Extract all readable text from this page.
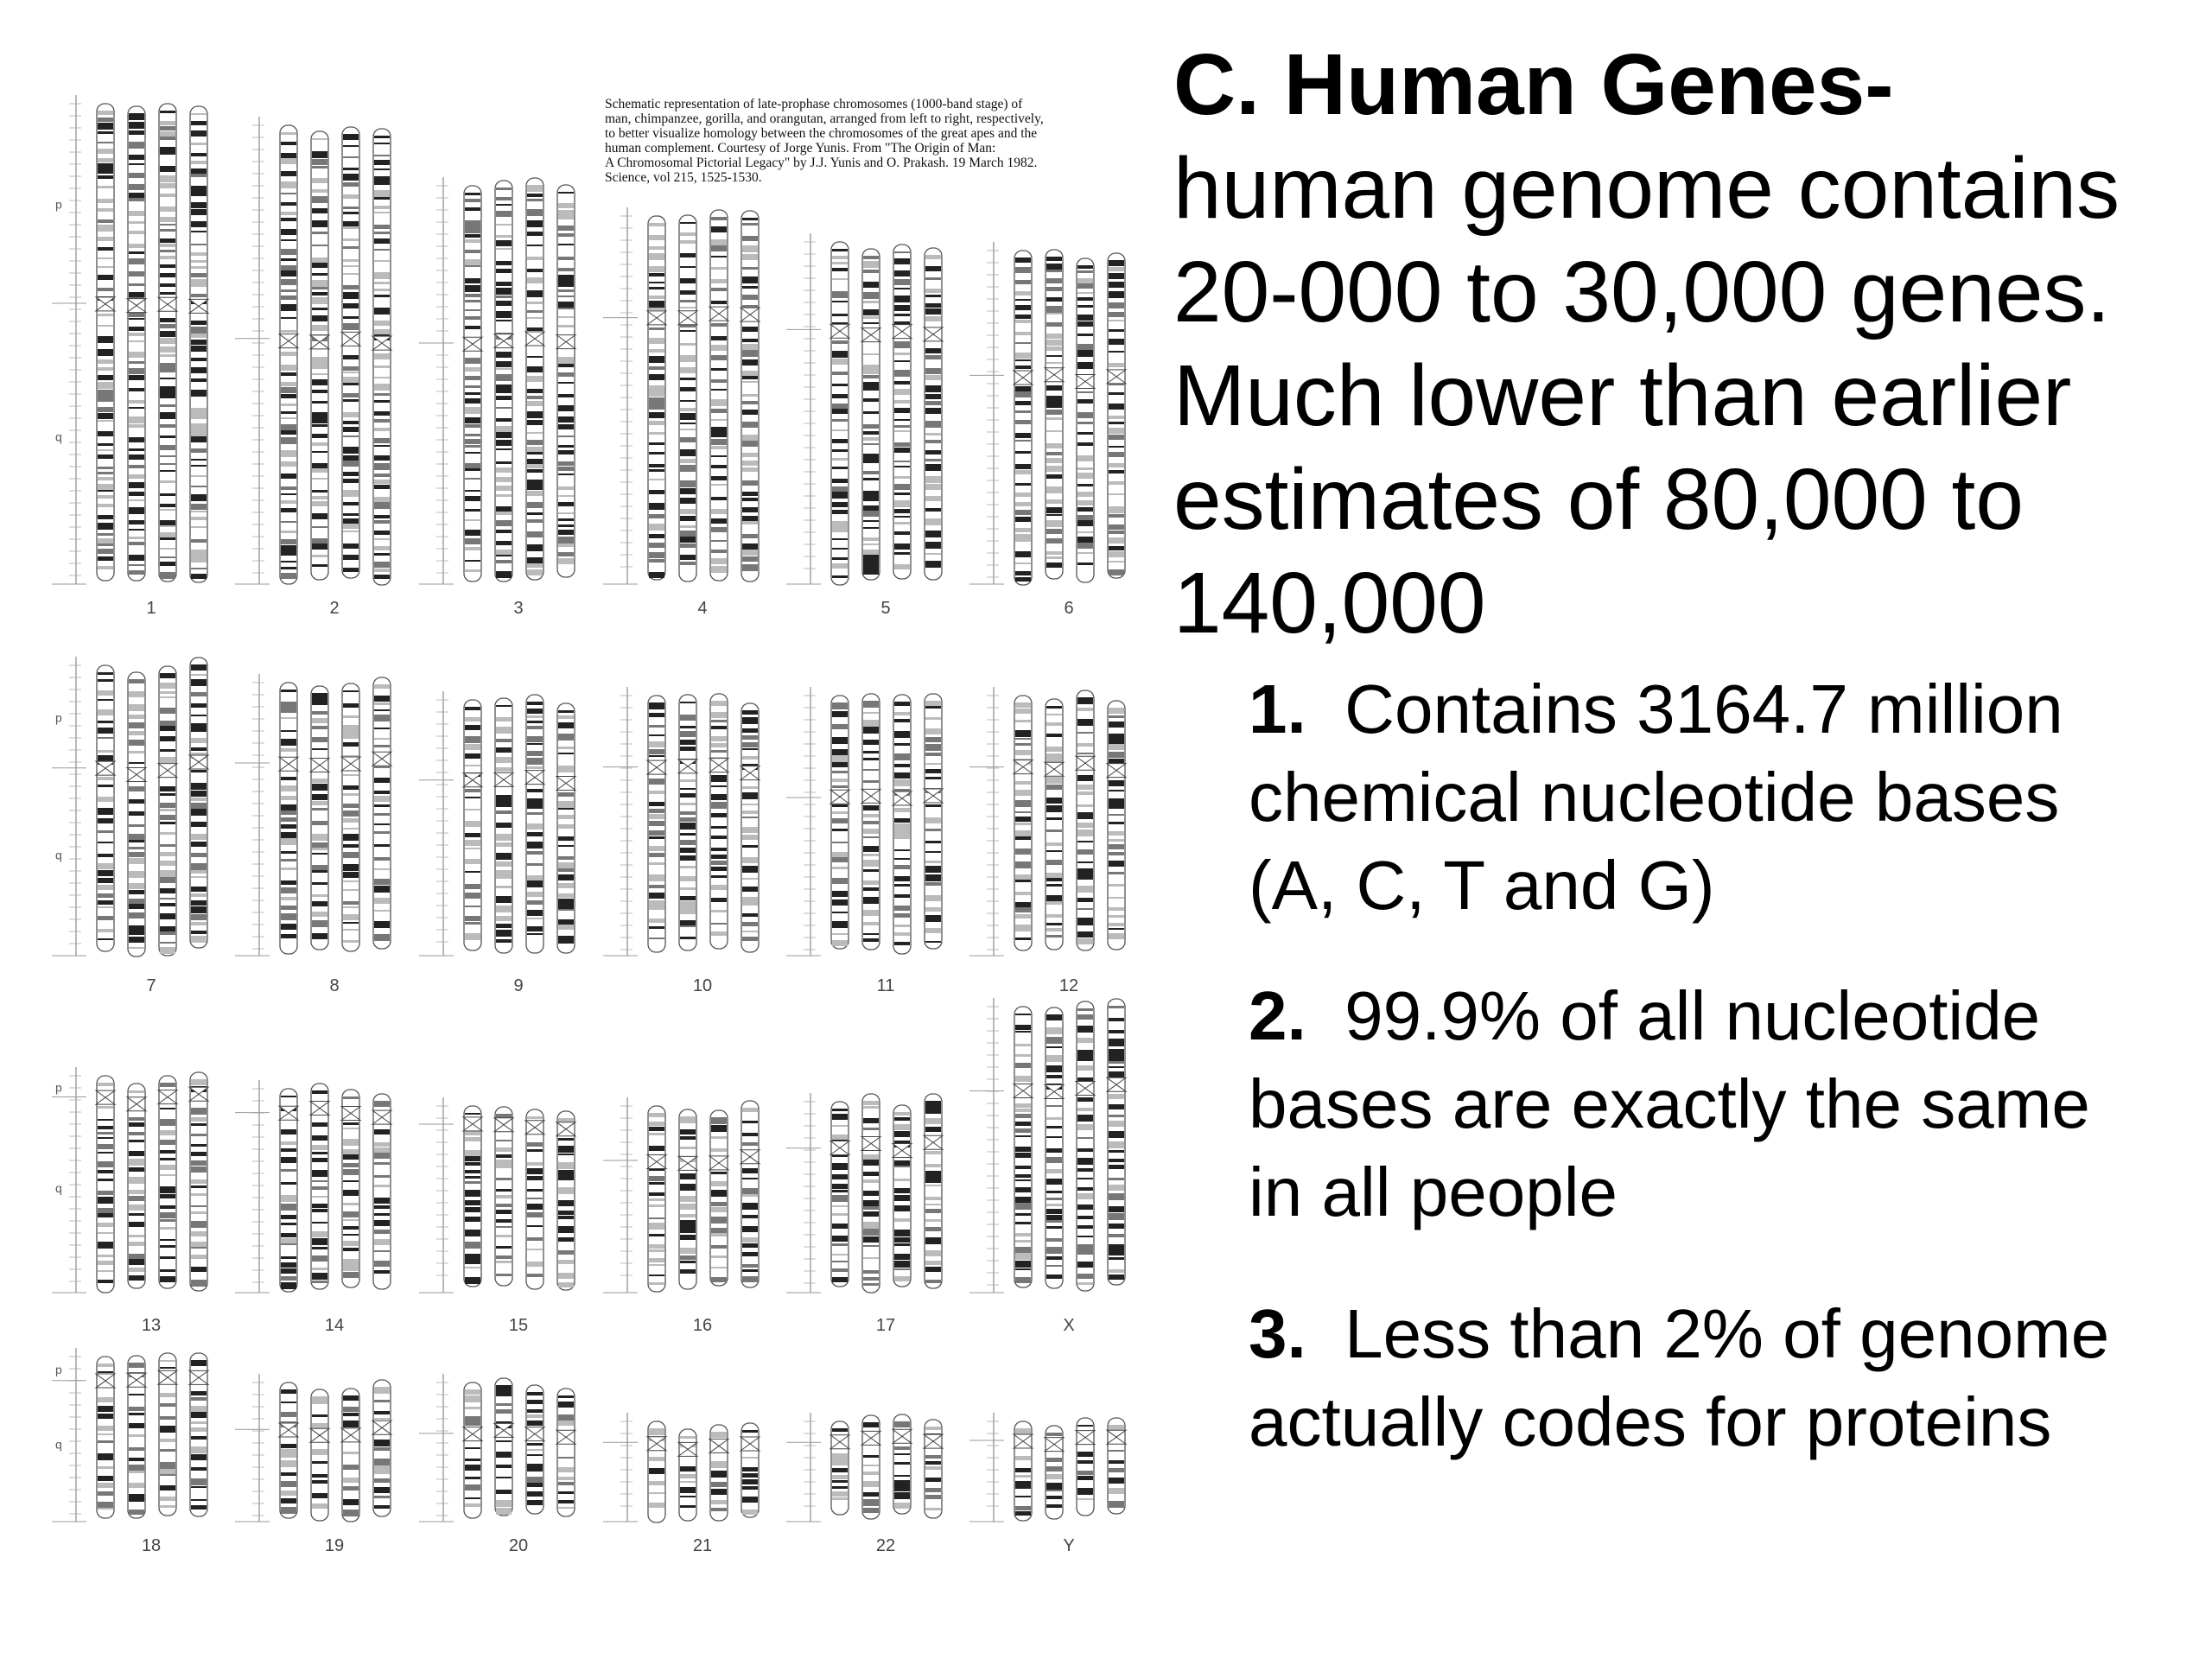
1
p
q
2	3	4	5	6
7
p
q
8	9	10	11	12
13
p
q
14	15	16	17	X
18
p
q
19	20	21	22	Y
Schematic representation of late-prophase chromosomes (1000-band stage) of
man, chimpanzee, gorilla, and orangutan, arranged from left to right, respectively,
to better visualize homology between the chromosomes of the great apes and the
human complement. Courtesy of Jorge Yunis. From "The Origin of Man:
A Chromosomal Pictorial Legacy" by J.J. Yunis and O. Prakash. 19 March 1982.
Science, vol 215, 1525-1530.
C. Human Genes-
human genome contains
20-000 to 30,000 genes.
Much lower than earlier
estimates of 80,000 to
140,000

1. Contains 3164.7 million
chemical nucleotide bases
(A, C, T and G)

2. 99.9% of all nucleotide
bases are exactly the same
in all people

3. Less than 2% of genome
actually codes for proteins
